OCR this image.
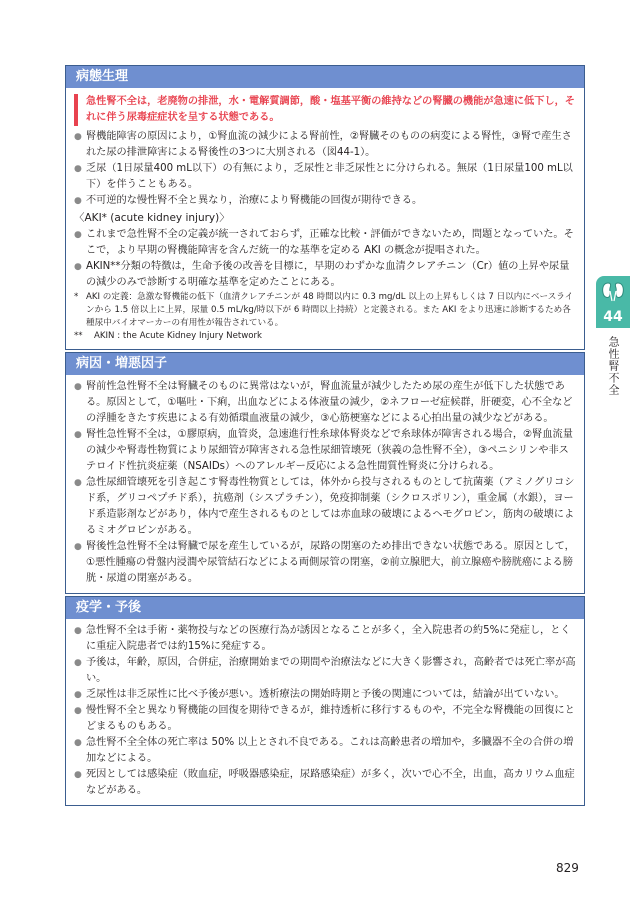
病態生理

急性腎不全は，老廃物の排泄，水・電解質調節，酸・塩基平衡の維持などの腎臓の機能が急速に低下し，それに伴う尿毒症症状を呈する状態である。

● 腎機能障害の原因により，①腎血流の減少による腎前性，②腎臓そのものの病変による腎性，③腎で産生された尿の排泄障害による腎後性の3つに大別される（図44-1）。

● 乏尿（1日尿量400 mL以下）の有無により，乏尿性と非乏尿性とに分けられる。無尿（1日尿量100 mL以下）を伴うこともある。

● 不可逆的な慢性腎不全と異なり，治療により腎機能の回復が期待できる。

〈AKI* (acute kidney injury)〉

● これまで急性腎不全の定義が統一されておらず，正確な比較・評価ができないため，問題となっていた。そこで，より早期の腎機能障害を含んだ統一的な基準を定める AKI の概念が提唱された。

● AKIN**分類の特徴は，生命予後の改善を目標に，早期のわずかな血清クレアチニン（Cr）値の上昇や尿量の減少のみで診断する明確な基準を定めたことにある。

* AKI の定義：急激な腎機能の低下（血清クレアチニンが 48 時間以内に 0.3 mg/dL 以上の上昇もしくは 7 日以内にベースラインから 1.5 倍以上に上昇，尿量 0.5 mL/kg/時以下が 6 時間以上持続）と定義される。また AKI をより迅速に診断するため各種尿中バイオマーカーの有用性が報告されている。

** AKIN : the Acute Kidney Injury Network

病因・増悪因子

● 腎前性急性腎不全は腎臓そのものに異常はないが，腎血流量が減少したため尿の産生が低下した状態である。原因として，①嘔吐・下痢，出血などによる体液量の減少，②ネフローゼ症候群，肝硬変，心不全などの浮腫をきたす疾患による有効循環血液量の減少，③心筋梗塞などによる心拍出量の減少などがある。

● 腎性急性腎不全は，①膠原病，血管炎，急速進行性糸球体腎炎などで糸球体が障害される場合，②腎血流量の減少や腎毒性物質により尿細管が障害される急性尿細管壊死（狭義の急性腎不全），③ペニシリンや非ステロイド性抗炎症薬（NSAIDs）へのアレルギー反応による急性間質性腎炎に分けられる。

● 急性尿細管壊死を引き起こす腎毒性物質としては，体外から投与されるものとして抗菌薬（アミノグリコシド系，グリコペプチド系），抗癌剤（シスプラチン），免疫抑制薬（シクロスポリン），重金属（水銀），ヨード系造影剤などがあり，体内で産生されるものとしては赤血球の破壊によるヘモグロビン，筋肉の破壊によるミオグロビンがある。

● 腎後性急性腎不全は腎臓で尿を産生しているが，尿路の閉塞のため排出できない状態である。原因として，①悪性腫瘍の骨盤内浸潤や尿管結石などによる両側尿管の閉塞，②前立腺肥大，前立腺癌や膀胱癌による膀胱・尿道の閉塞がある。

疫学・予後

● 急性腎不全は手術・薬物投与などの医療行為が誘因となることが多く，全入院患者の約5%に発症し，とくに重症入院患者では約15%に発症する。

● 予後は，年齢，原因，合併症，治療開始までの期間や治療法などに大きく影響され，高齢者では死亡率が高い。

● 乏尿性は非乏尿性に比べ予後が悪い。透析療法の開始時期と予後の関連については，結論が出ていない。

● 慢性腎不全と異なり腎機能の回復を期待できるが，維持透析に移行するものや，不完全な腎機能の回復にとどまるものもある。

● 急性腎不全全体の死亡率は 50% 以上とされ不良である。これは高齢患者の増加や，多臓器不全の合併の増加などによる。

● 死因としては感染症（敗血症，呼吸器感染症，尿路感染症）が多く，次いで心不全，出血，高カリウム血症などがある。

44
急性腎不全
829
